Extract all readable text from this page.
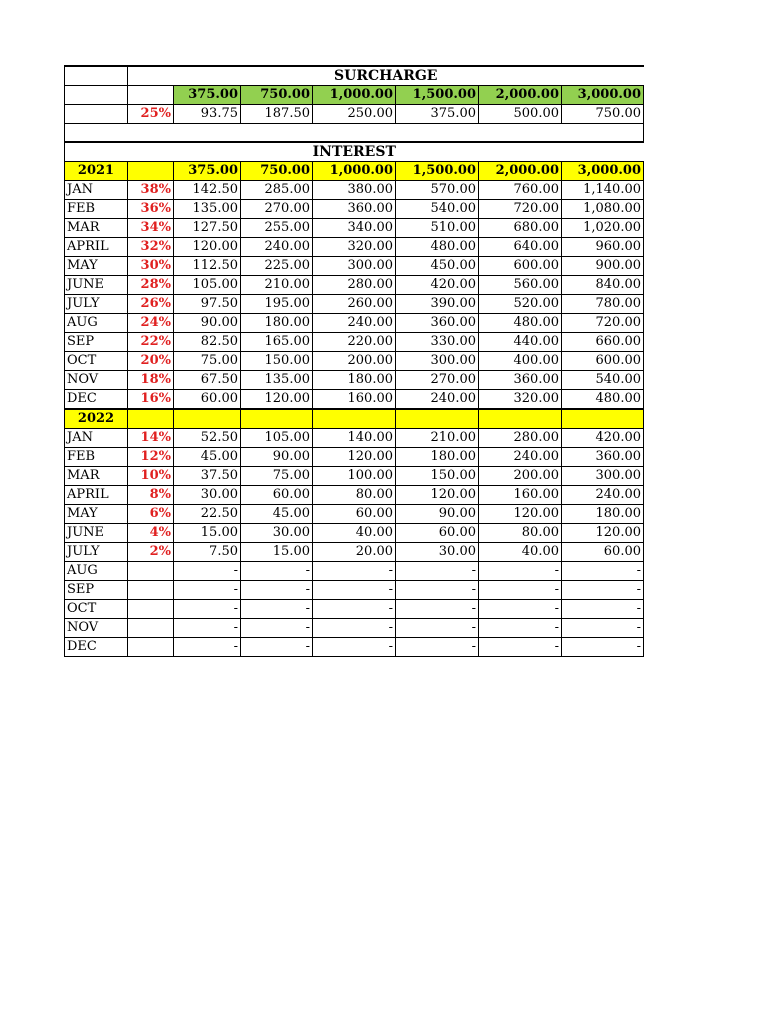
	SURCHARGE						
		375.00	750.00	1,000.00	1,500.00	2,000.00	3,000.00
	25%	93.75	187.50	250.00	375.00	500.00	750.00

INTEREST							
2021		375.00	750.00	1,000.00	1,500.00	2,000.00	3,000.00
JAN	38%	142.50	285.00	380.00	570.00	760.00	1,140.00
FEB	36%	135.00	270.00	360.00	540.00	720.00	1,080.00
MAR	34%	127.50	255.00	340.00	510.00	680.00	1,020.00
APRIL	32%	120.00	240.00	320.00	480.00	640.00	960.00
MAY	30%	112.50	225.00	300.00	450.00	600.00	900.00
JUNE	28%	105.00	210.00	280.00	420.00	560.00	840.00
JULY	26%	97.50	195.00	260.00	390.00	520.00	780.00
AUG	24%	90.00	180.00	240.00	360.00	480.00	720.00
SEP	22%	82.50	165.00	220.00	330.00	440.00	660.00
OCT	20%	75.00	150.00	200.00	300.00	400.00	600.00
NOV	18%	67.50	135.00	180.00	270.00	360.00	540.00
DEC	16%	60.00	120.00	160.00	240.00	320.00	480.00
2022							
JAN	14%	52.50	105.00	140.00	210.00	280.00	420.00
FEB	12%	45.00	90.00	120.00	180.00	240.00	360.00
MAR	10%	37.50	75.00	100.00	150.00	200.00	300.00
APRIL	8%	30.00	60.00	80.00	120.00	160.00	240.00
MAY	6%	22.50	45.00	60.00	90.00	120.00	180.00
JUNE	4%	15.00	30.00	40.00	60.00	80.00	120.00
JULY	2%	7.50	15.00	20.00	30.00	40.00	60.00
AUG		-	-	-	-	-	-
SEP		-	-	-	-	-	-
OCT		-	-	-	-	-	-
NOV		-	-	-	-	-	-
DEC		-	-	-	-	-	-
